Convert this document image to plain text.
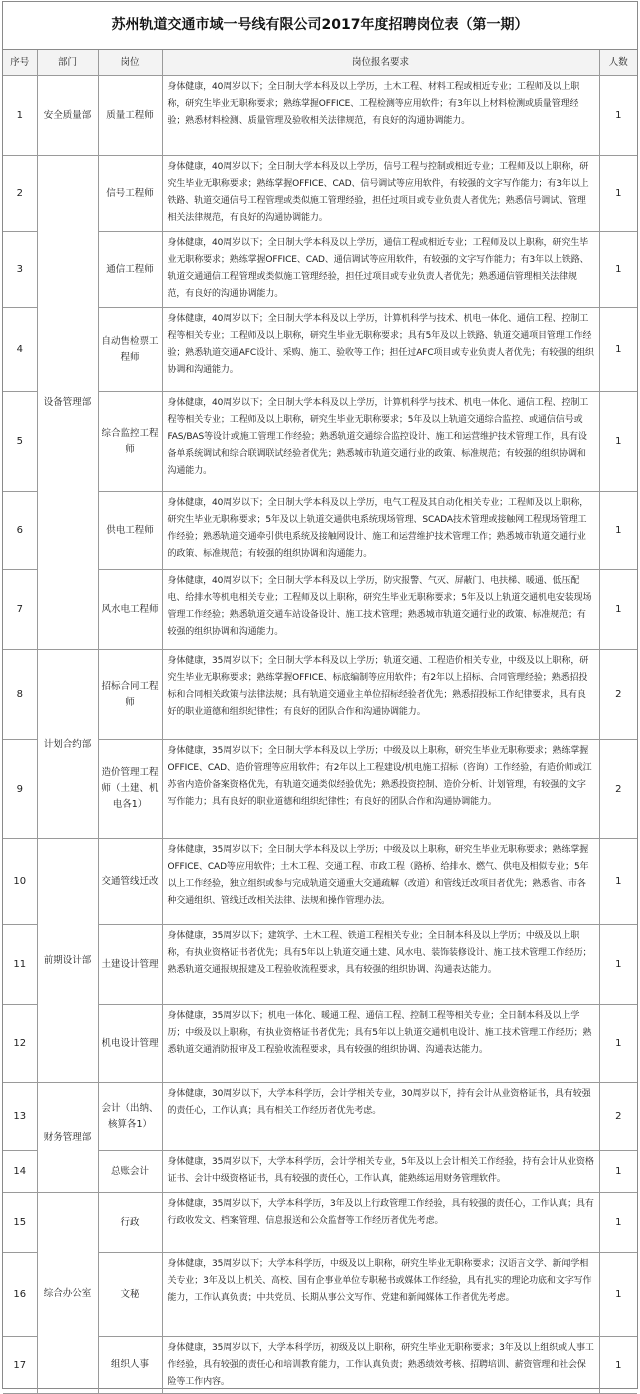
苏州轨道交通市域一号线有限公司2017年度招聘岗位表（第一期）
序号	部门	岗位	岗位报名要求	人数
1	安全质量部	质量工程师	身体健康，40周岁以下；全日制大学本科及以上学历，土木工程、材料工程或相近专业；工程师及以上职称，研究生毕业无职称要求；熟练掌握OFFICE、工程检测等应用软件；有3年以上材料检测或质量管理经验；熟悉材料检测、质量管理及验收相关法律规范，有良好的沟通协调能力。	1
2	设备管理部	信号工程师	身体健康，40周岁以下；全日制大学本科及以上学历，信号工程与控制或相近专业；工程师及以上职称，研究生毕业无职称要求；熟练掌握OFFICE、CAD、信号调试等应用软件，有较强的文字写作能力；有3年以上铁路、轨道交通信号工程管理或类似施工管理经验，担任过项目或专业负责人者优先；熟悉信号调试、管理相关法律规范，有良好的沟通协调能力。	1
3		通信工程师	身体健康，40周岁以下；全日制大学本科及以上学历，通信工程或相近专业；工程师及以上职称，研究生毕业无职称要求；熟练掌握OFFICE、CAD、通信调试等应用软件，有较强的文字写作能力；有3年以上铁路、轨道交通通信工程管理或类似施工管理经验，担任过项目或专业负责人者优先；熟悉通信管理相关法律规范，有良好的沟通协调能力。	1
4		自动售检票工程师	身体健康，40周岁以下；全日制大学本科及以上学历，计算机科学与技术、机电一体化、通信工程、控制工程等相关专业；工程师及以上职称，研究生毕业无职称要求；具有5年及以上铁路、轨道交通项目管理工作经验；熟悉轨道交通AFC设计、采购、施工、验收等工作；担任过AFC项目或专业负责人者优先；有较强的组织协调和沟通能力。	1
5		综合监控工程师	身体健康，40周岁以下；全日制大学本科及以上学历，计算机科学与技术、机电一体化、通信工程、控制工程等相关专业；工程师及以上职称，研究生毕业无职称要求；5年及以上轨道交通综合监控、或通信信号或FAS/BAS等设计或施工管理工作经验；熟悉轨道交通综合监控设计、施工和运营维护技术管理工作，具有设备单系统调试和综合联调联试经验者优先；熟悉城市轨道交通行业的政策、标准规范；有较强的组织协调和沟通能力。	1
6		供电工程师	身体健康，40周岁以下；全日制大学本科及以上学历，电气工程及其自动化相关专业；工程师及以上职称，研究生毕业无职称要求；5年及以上轨道交通供电系统现场管理、SCADA技术管理或接触网工程现场管理工作经验；熟悉轨道交通牵引供电系统及接触网设计、施工和运营维护技术管理工作；熟悉城市轨道交通行业的政策、标准规范；有较强的组织协调和沟通能力。	1
7		风水电工程师	身体健康，40周岁以下；全日制大学本科及以上学历，防灾报警、气灭、屏蔽门、电扶梯、暖通、低压配电、给排水等机电相关专业；工程师及以上职称，研究生毕业无职称要求；5年及以上轨道交通机电安装现场管理工作经验；熟悉轨道交通车站设备设计、施工技术管理；熟悉城市轨道交通行业的政策、标准规范；有较强的组织协调和沟通能力。	1
8	计划合约部	招标合同工程师	身体健康，35周岁以下；全日制大学本科及以上学历；轨道交通、工程造价相关专业，中级及以上职称，研究生毕业无职称要求；熟练掌握OFFICE、标底编制等应用软件；有2年以上招标、合同管理经验；熟悉招投标和合同相关政策与法律法规；具有轨道交通业主单位招标经验者优先；熟悉招投标工作纪律要求，具有良好的职业道德和组织纪律性；有良好的团队合作和沟通协调能力。	2
9		造价管理工程师（土建、机电各1）	身体健康，35周岁以下；全日制大学本科及以上学历；中级及以上职称，研究生毕业无职称要求；熟练掌握OFFICE、CAD、造价管理等应用软件；有2年以上工程建设/机电施工招标（咨询）工作经验，有造价师或江苏省内造价备案资格优先，有轨道交通类似经验优先；熟悉投资控制、造价分析、计划管理，有较强的文字写作能力；具有良好的职业道德和组织纪律性；有良好的团队合作和沟通协调能力。	2
10	前期设计部	交通管线迁改	身体健康，35周岁以下；全日制大学本科及以上学历；中级及以上职称，研究生毕业无职称要求；熟练掌握OFFICE、CAD等应用软件；土木工程、交通工程、市政工程（路桥、给排水、燃气、供电及相似专业；5年以上工作经验，独立组织或参与完成轨道交通重大交通疏解（改道）和管线迁改项目者优先；熟悉省、市各种交通组织、管线迁改相关法律、法规和操作管理办法。	1
11		土建设计管理	身体健康，35周岁以下；建筑学、土木工程、铁道工程相关专业；全日制本科及以上学历；中级及以上职称，有执业资格证书者优先；具有5年以上轨道交通土建、风水电、装饰装修设计、施工技术管理工作经历；熟悉轨道交通报规报建及工程验收流程要求，具有较强的组织协调、沟通表达能力。	1
12		机电设计管理	身体健康，35周岁以下；机电一体化、暖通工程、通信工程、控制工程等相关专业；全日制本科及以上学历；中级及以上职称，有执业资格证书者优先；具有5年以上轨道交通机电设计、施工技术管理工作经历；熟悉轨道交通消防报审及工程验收流程要求，具有较强的组织协调、沟通表达能力。	1
13	财务管理部	会计（出纳、核算各1）	身体健康，30周岁以下，大学本科学历，会计学相关专业，30周岁以下，持有会计从业资格证书，具有较强的责任心，工作认真；具有相关工作经历者优先考虑。	2
14		总账会计	身体健康，35周岁以下，大学本科学历，会计学相关专业，5年及以上会计相关工作经验，持有会计从业资格证书、会计中级资格证书，具有较强的责任心，工作认真，能熟练运用财务管理软件。	1
15	综合办公室	行政	身体健康，35周岁以下，大学本科学历，3年及以上行政管理工作经验，具有较强的责任心，工作认真；具有行政收发文、档案管理、信息报送和公众监督等工作经历者优先考虑。	1
16		文秘	身体健康，35周岁以下；大学本科学历，中级及以上职称，研究生毕业无职称要求；汉语言文学、新闻学相关专业；3年及以上机关、高校、国有企事业单位专职秘书或媒体工作经验，具有扎实的理论功底和文字写作能力，工作认真负责；中共党员、长期从事公文写作、党建和新闻媒体工作者优先考虑。	1
17		组织人事	身体健康，35周岁以下，大学本科学历，初级及以上职称，研究生毕业无职称要求；3年及以上组织或人事工作经验，具有较强的责任心和培训教育能力，工作认真负责；熟悉绩效考核、招聘培训、薪资管理和社会保险等工作内容。	1
